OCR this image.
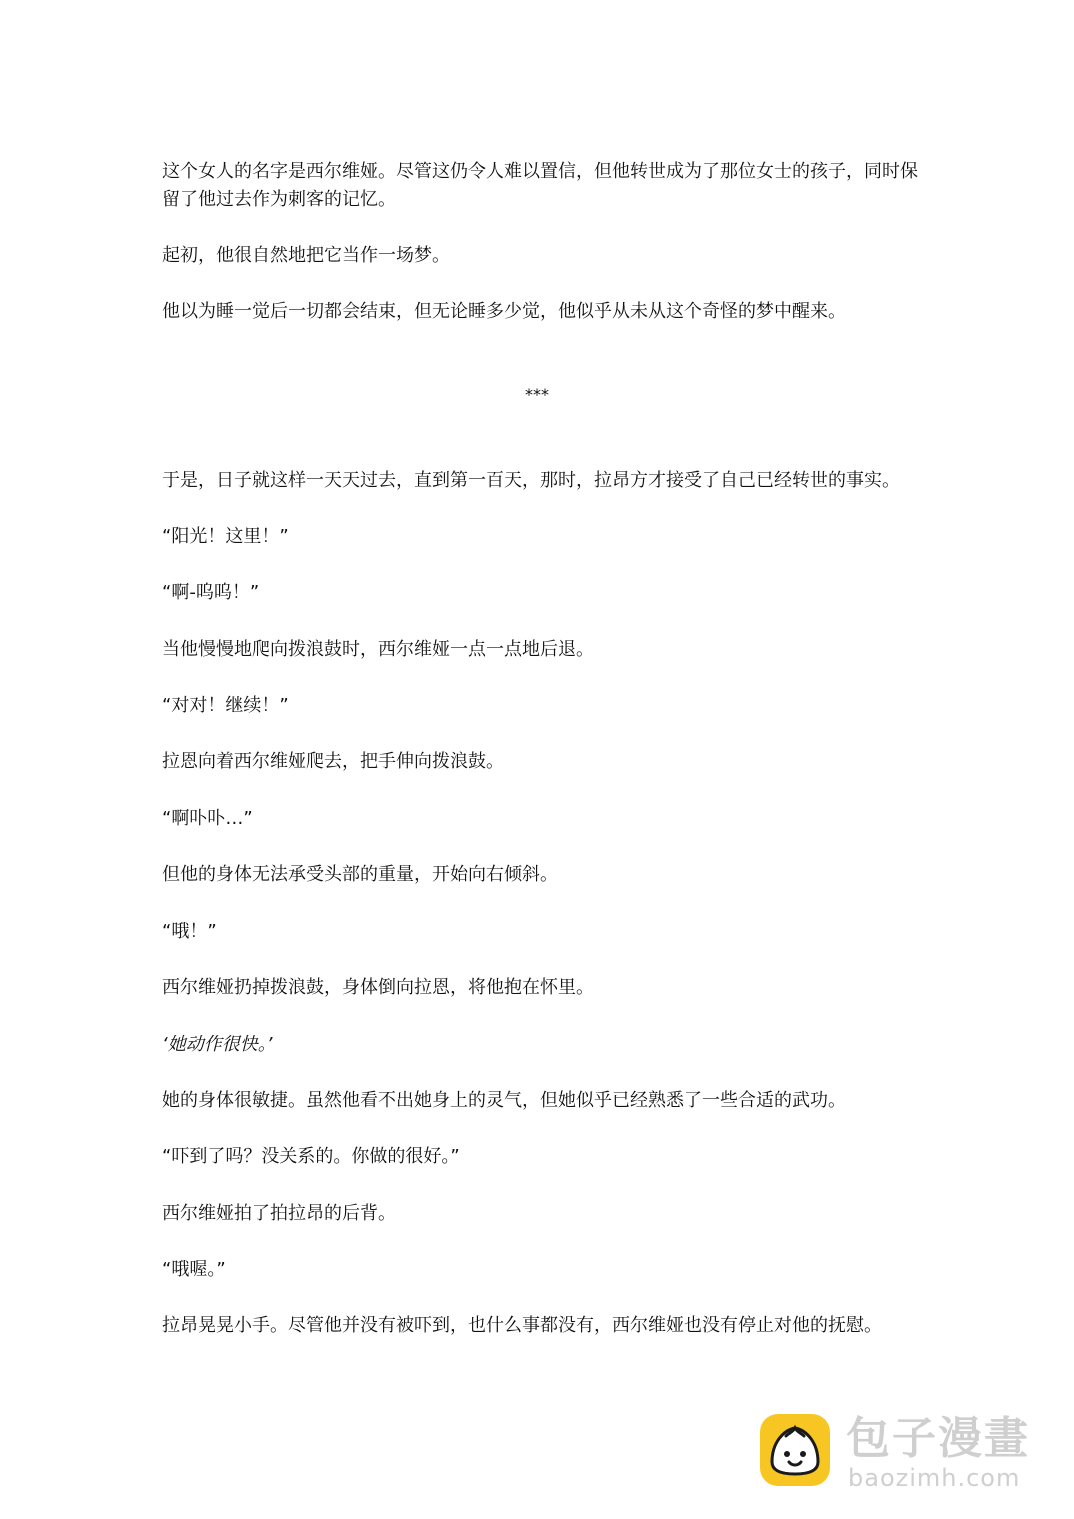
这个女人的名字是西尔维娅。尽管这仍令人难以置信，但他转世成为了那位女士的孩子，同时保留了他过去作为刺客的记忆。

起初，他很自然地把它当作一场梦。

他以为睡一觉后一切都会结束，但无论睡多少觉，他似乎从未从这个奇怪的梦中醒来。

***

于是，日子就这样一天天过去，直到第一百天，那时，拉昂方才接受了自己已经转世的事实。

“阳光！这里！”

“啊-呜呜！”

当他慢慢地爬向拨浪鼓时，西尔维娅一点一点地后退。

“对对！继续！”

拉恩向着西尔维娅爬去，把手伸向拨浪鼓。

“啊卟卟…”

但他的身体无法承受头部的重量，开始向右倾斜。

“哦！”

西尔维娅扔掉拨浪鼓，身体倒向拉恩，将他抱在怀里。

‘她动作很快。’

她的身体很敏捷。虽然他看不出她身上的灵气，但她似乎已经熟悉了一些合适的武功。

“吓到了吗？没关系的。你做的很好。”

西尔维娅拍了拍拉昂的后背。

“哦喔。”

拉昂晃晃小手。尽管他并没有被吓到，也什么事都没有，西尔维娅也没有停止对他的抚慰。

包子漫畫
baozimh.com
